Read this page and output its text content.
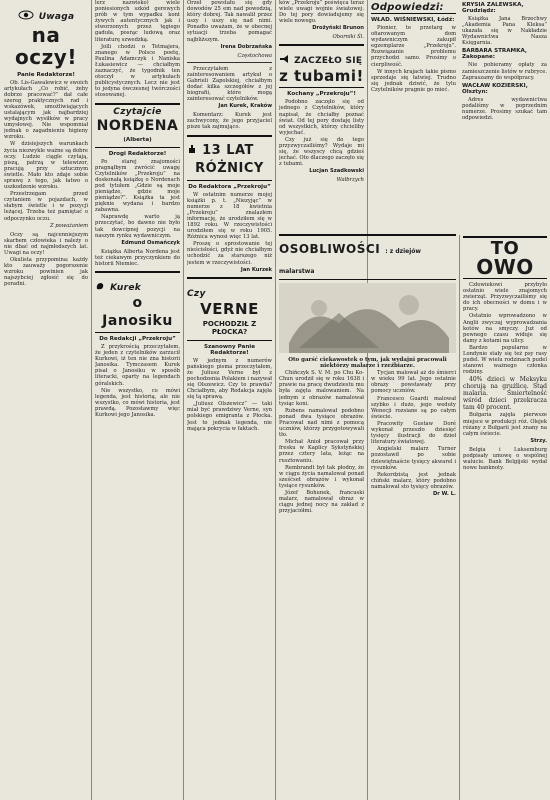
Uwaga
na oczy!
Panie Redaktorze!

Ob. Lis-Gawalewicz w swoich artykułach „Co robić, żeby dobrze pracować?” dał całe szereg praktycznych rad i wskazówek, umożliwiających ustalającym jak najbardziej wydajnych wysiłków w pracy umysłowej. Nie wspomniał jednak o zagadnieniu higieny wzroku.

W dzisiejszych warunkach życia niezwykle ważne są dobre oczy. Ludzie ciągle czytają, piszą, patrzą w telewizor, pracują przy sztucznym świetle. Mało kto zdaje sobie sprawę z tego, jak łatwo o uszkodzenie wzroku.

Przestrzegam przed czytaniem w pojazdach, w słabym świetle i w pozycji leżącej. Trzeba też pamiętać o odpoczynku oczu.

Z poważaniem

Oczy są najcenniejszym skarbem człowieka i należy o nie dbać od najmłodszych lat. Uwagi na oczy!

Okulista przypomina: każdy kto zauważy pogorszenie wzroku powinien jak najszybciej zgłosić się do poradni.

lerz nazwisko) wiele poniesionych szkód gerewych prób w tym wypadku kont żywych autentycznych jak i stworzonych przez tęgiego gaduła, posrąc ludową oraz literaturę szwedzką.

Jolli chodzi o Tetmajera, znanego w Polsce poetę, Paulina Adamczyk i Naniska Łukasiewicz — chciałbym zaznaczyć, że tygodnik ten otoczył w artykułach publicystycznych. Lecz nie jest to jedyna ówczesnej twórczości stosowanej.

Czytajcie
NORDENA
(Alberta)
Drogi Redaktorze!

Po starej znajomości pragnąłbym zwrócić uwagę Czytelników „Przekroju” na doskonałą książkę o Nordenach pod tytułem „Gdzie są moje pieniądze, gdzie moje pieniądze?”. Książka ta jest pięknie wydana i bardzo zabawna.

Naprawdę warto ją przeczytać, bo dawno nie było tak dowcipnej pozycji na naszym rynku wydawniczym.

Edmund Osmańczyk

Książka Alberta Nordena jest też ciekawym przyczynkiem do historii Niemiec.

Kurek
o Janosiku
Do Redakcji „Przekroju”

Z przykrością przeczytałem, że jeden z czytelników zarzucił Kurkowi, iż ten nie zna historii Janosika. Tymczasem Kurek pisał o Janosiku w sposób literacki, oparty na legendach góralskich.

Nie wszystko, co mówi legenda, jest historią, ale nie wszystko, co mówi historia, jest prawdą. Pozostawmy więc Kurkowi jego Janosika.

Orzeł powstału się gdy dowodów 25 em nad powodzią, który dobrej. Tak nawalił przez uszy i uszy się nad nimi. Ponadto uważam, że w obecnej sytuacji trzeba pomagać najbliższym.

Irena Dobrzańska
Częstochowa

Przeczytałem z zainteresowaniem artykuł o Gabrieli Zapolskiej, chciałbym dodać kilka szczegółów z jej biografii, które mogą zainteresować czytelników.

Jan Kurek, Kraków

Komentarz: Kurek jest zachwycony, że jego przyjaciel pisze tak zajmująco.

13 LAT
RÓŻNICY
Do Redaktora „Przekroju”

W ostatnim numerze mojej książki p. t. „Niezyjąc” w numerze z 18 kwietnia „Przekroju” znalazłem informację, że urodziłem się w 1892 roku. W rzeczywistości urodziłem się w roku 1905. Różnica wynosi więc 13 lat.

Proszę o sprostowanie tej nieścisłości, gdyż nie chciałbym uchodzić za starszego niż jestem w rzeczywistości.

Jan Kurzek
Czy
VERNE
POCHODZIŁ Z PŁOCKA?
Szanowny Panie Redaktorze!

W jednym z numerów pańskiego pisma przeczytałem, że Juliusz Verne był z pochodzenia Polakiem i nazywał się Olszewicz. Czy to prawda? Chciałbym, aby Redakcja zajęła się tą sprawą.

„Juliusz Olszewicz” — taki miał być prawdziwy Verne, syn polskiego emigranta z Płocka. Jest to jednak legenda, nie mająca pokrycia w faktach.

ków „Przekroju” poświęca teraz wiele uwagi wojnie światowej. Do tej pory dowiadujemy się wiele nowego.

Drożyński Brunon
Oborniki Śl.
ZACZEŁO SIĘ
z tubami!
Kochany „Przekroju”!

Podobno zaczęło się od jednego z Czytelników, który napisał, że chciałby poznać świat. Od tej pory dostaję listy od wszystkich, którzy chcieliby wyjechać.

Czy już się do tego przyzwyczailiśmy? Wydaje mi się, że wszyscy chcą gdzieś jechać. Oto dlaczego zaczęło się z tubami.

Lucjan Szadkowski
Wałbrzych
Odpowiedzi:
WŁAD. WIŚNIEWSKI, Łódź:

Pionier, te przetarg w ofiarowanym dom wydawniczym zakupił egzemplarze „Przekroju”. Rozwiązanie problemu przychodzi samo. Prosimy o cierpliwość.

W innych krajach takie pismo sprzedaje się łatwiej. Trudno się jednak dziwić, że tylu Czytelników pragnie go mieć.

KRYSIA ZALEWSKA, Grudziądz:

Książka Jana Brzechwy „Akademia Pana Kleksa” ukazała się w Nakładzie Wydawnictwa Nasza Księgarnia.

BARBARA STRAMKA, Zakopane:

Nie pobieramy opłaty za zamieszczenie listów w rubryce. Zapraszamy do współpracy.

WACŁAW KOZIERSKI, Olsztyn:

Adres wydawnictwa podaliśmy w poprzednim numerze. Prosimy szukać tam odpowiedzi.

OSOBLIWOŚCI : z dziejów malarstwa

Oto garść ciekawostek o tym, jak wydajni pracowali niektórzy malarze i rzeźbiarze.

Chińczyk S. V. M. po Chu Ko-Chun urodził się w roku 1638 i prawie na pracę dwudziestu mu była zajęta malowaniem. Na jednym z obrazów namalował tysiąc koni.

Rubens namalował podobno ponad dwa tysiące obrazów. Pracował nad nimi z pomocą uczniów, którzy przygotowywali tło.

Michał Anioł pracował przy fresku w Kaplicy Sykstyńskiej przez cztery lata, leżąc na rusztowaniu.

Rembrandt był tak płodny, że w ciągu życia namalował ponad sześćset obrazów i wykonał tysiące rysunków.

Józef Bohunek, francuski malarz, namalował obraz w ciągu jednej nocy na zakład z przyjaciółmi.

Tycjan malował aż do śmierci w wieku 99 lat. Jego ostatnie obrazy powstawały przy pomocy uczniów.

Francesco Guardi malował szybko i dużo, jego weduty Wenecji rozsiane są po całym świecie.

Pracowity Gustaw Doré wykonał przeszło dziesięć tysięcy ilustracji do dzieł literatury światowej.

Angielski malarz Turner pozostawił po sobie dziewiętnaście tysięcy akwarel i rysunków.

Rekordzistą jest jednak chiński malarz, który podobno namalował sto tysięcy obrazów.

Dr W. L.
TO
OWO

Człowiekowi przybyło ostatnio wiele znajomych zwierząt. Przyzwyczailiśmy się do ich obecności w domu i w pracy.

Ostatnio wprowadzono w Anglii zwyczaj wyprowadzania kotów na smyczy. Już od pewnego czasu widuje się damy z kotami na ulicy.

Bardzo popularne w Londynie stały się też psy rasy pudel. W wielu rodzinach pudel stanowi ważnego członka rodziny.

40% dzieci w Meksyku chorują na grużlicę. Stąd malaria. Śmiertelność wśród dzieci przekracza tam 40 procent.

Bułgaria zajęła pierwsze miejsce w produkcji róż. Olejek różany z Bułgarii jest znany na całym świecie.

Strzy.

Belgia i Luksemburg podpisały umowę o wspólnej walucie. Bank Belgijski wydał nowe banknoty.
